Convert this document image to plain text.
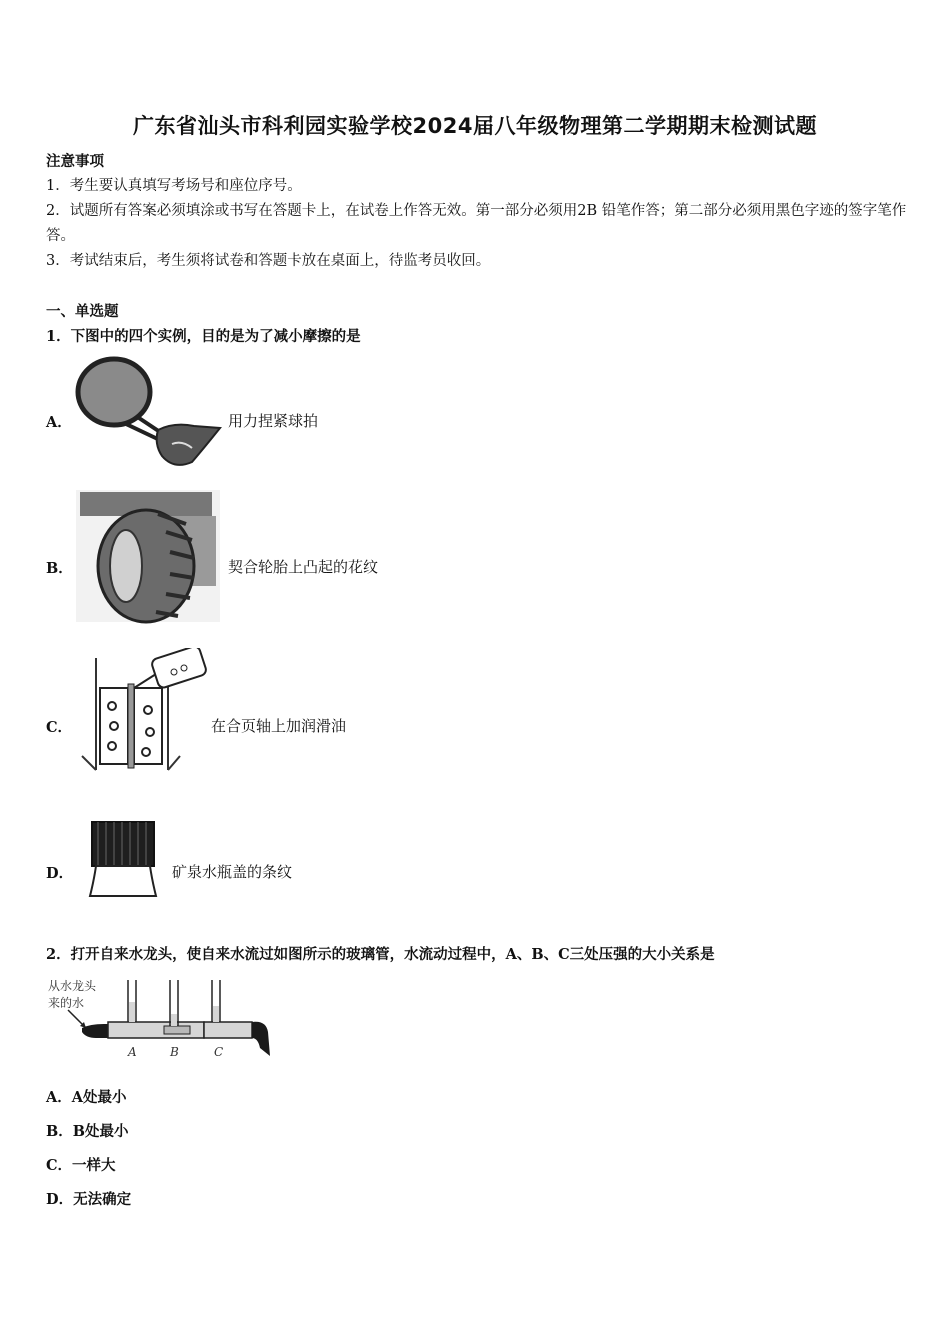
广东省汕头市科利园实验学校2024届八年级物理第二学期期末检测试题
注意事项
1．考生要认真填写考场号和座位序号。
2．试题所有答案必须填涂或书写在答题卡上，在试卷上作答无效。第一部分必须用2B 铅笔作答；第二部分必须用黑色字迹的签字笔作答。
3．考试结束后，考生须将试卷和答题卡放在桌面上，待监考员收回。
一、单选题
1．下图中的四个实例，目的是为了减小摩擦的是
A．	用力捏紧球拍
B．	契合轮胎上凸起的花纹
C．	在合页轴上加润滑油
D．	矿泉水瓶盖的条纹
2．打开自来水龙头，使自来水流过如图所示的玻璃管，水流动过程中，A、B、C三处压强的大小关系是
从水龙头
来的水
A	B	C
A．A处最小
B．B处最小
C．一样大
D．无法确定
